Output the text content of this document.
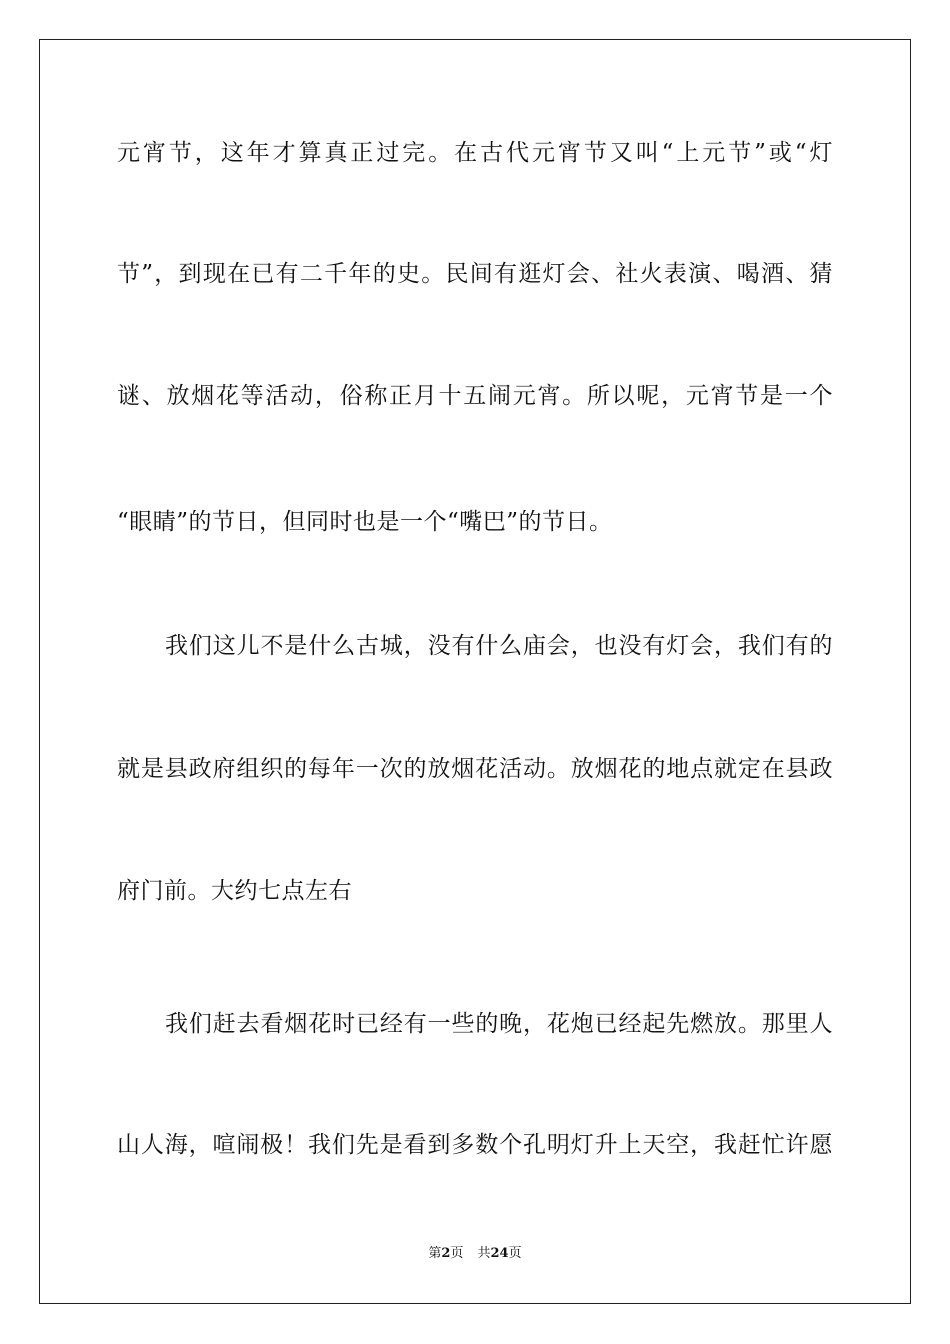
元宵节，这年才算真正过完。在古代元宵节又叫“上元节”或“灯
节”，到现在已有二千年的史。民间有逛灯会、社火表演、喝酒、猜
谜、放烟花等活动，俗称正月十五闹元宵。所以呢，元宵节是一个
“眼睛”的节日，但同时也是一个“嘴巴”的节日。
我们这儿不是什么古城，没有什么庙会，也没有灯会，我们有的
就是县政府组织的每年一次的放烟花活动。放烟花的地点就定在县政
府门前。大约七点左右
我们赶去看烟花时已经有一些的晚，花炮已经起先燃放。那里人
山人海，喧闹极！我们先是看到多数个孔明灯升上天空，我赶忙许愿
第2页 共24页
